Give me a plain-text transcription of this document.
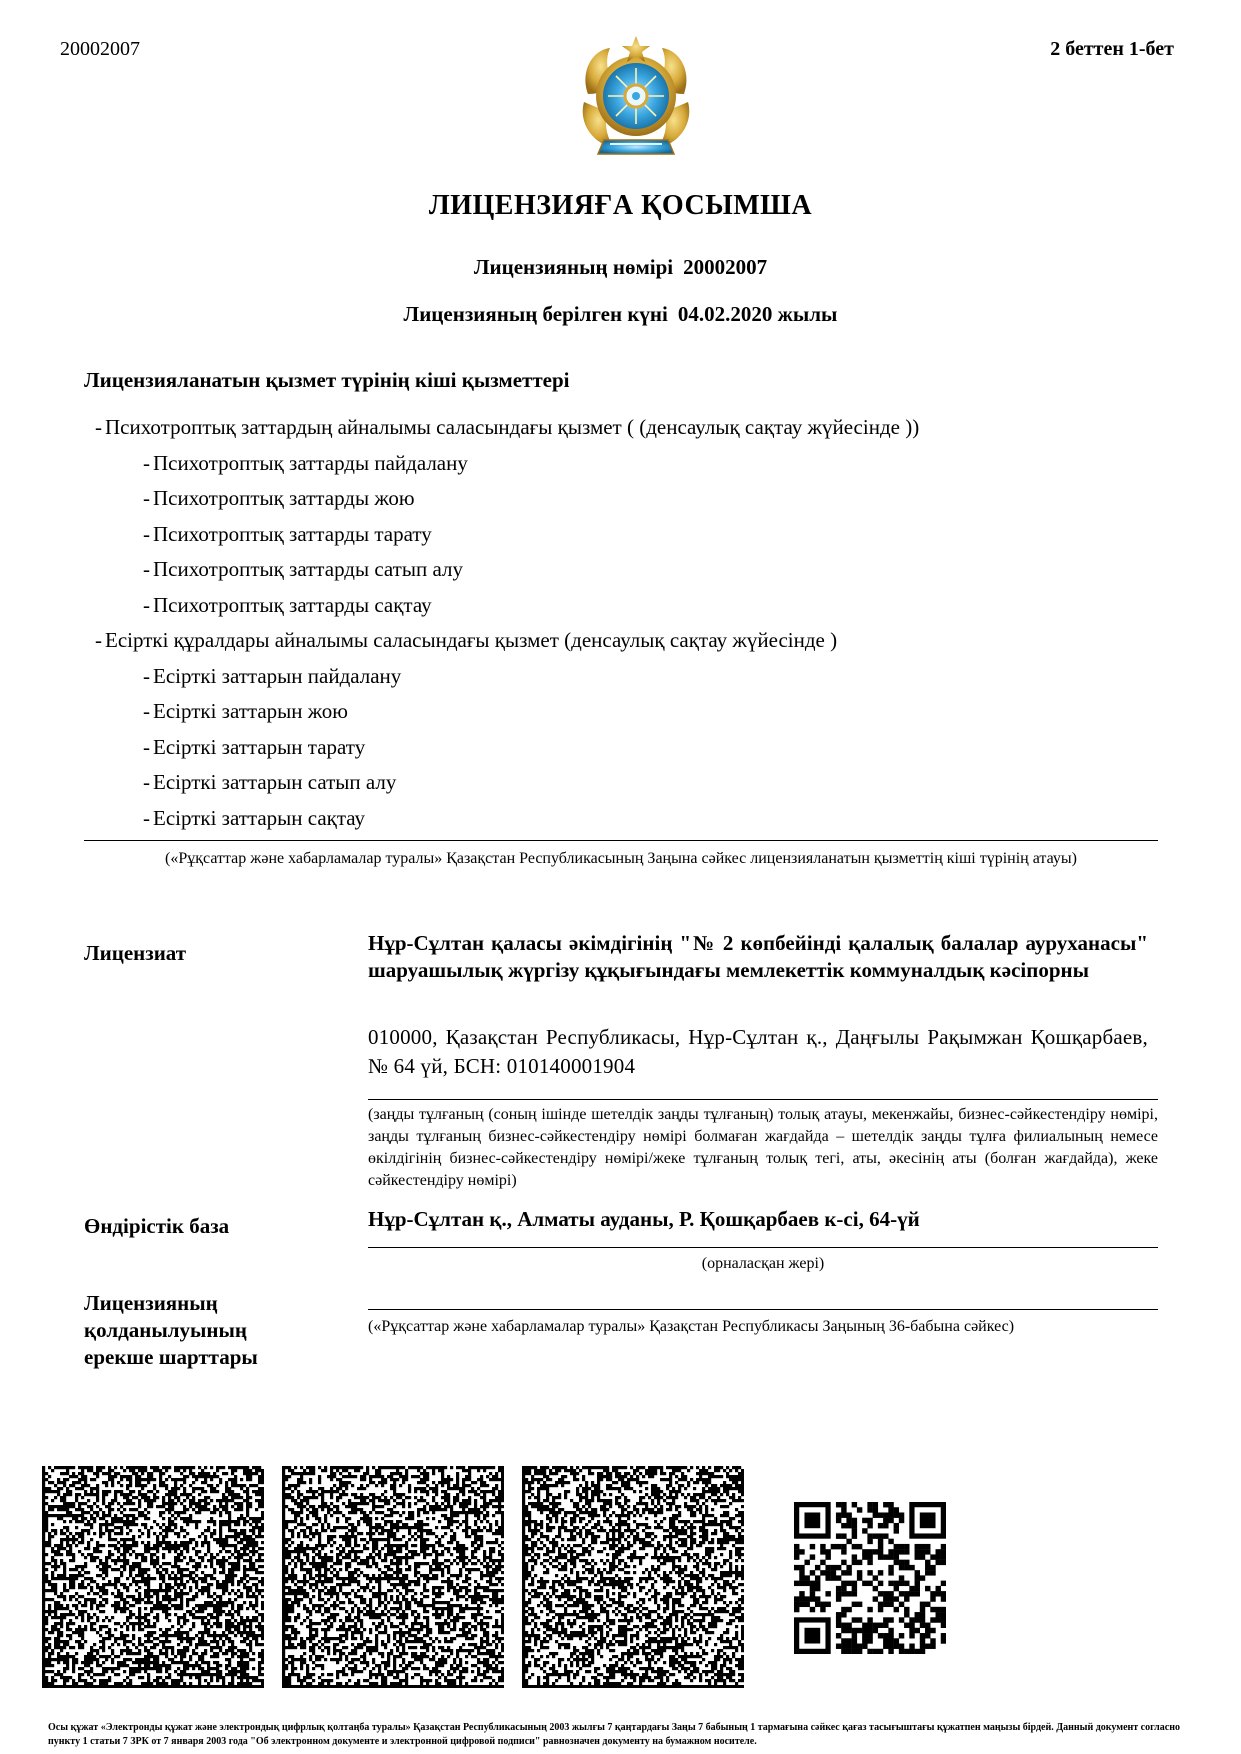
20002007	2 беттен 1-бет
ЛИЦЕНЗИЯҒА ҚОСЫМША
Лицензияның нөмірі 20002007
Лицензияның берілген күні 04.02.2020 жылы
Лицензияланатын қызмет түрінің кіші қызметтері
- Психотроптық заттардың айналымы саласындағы қызмет ( (денсаулық сақтау жүйесінде ))
- Психотроптық заттарды пайдалану
- Психотроптық заттарды жою
- Психотроптық заттарды тарату
- Психотроптық заттарды сатып алу
- Психотроптық заттарды сақтау
- Есірткі құралдары айналымы саласындағы қызмет (денсаулық сақтау жүйесінде )
- Есірткі заттарын пайдалану
- Есірткі заттарын жою
- Есірткі заттарын тарату
- Есірткі заттарын сатып алу
- Есірткі заттарын сақтау
(«Рұқсаттар және хабарламалар туралы» Қазақстан Республикасының Заңына сәйкес лицензияланатын қызметтің кіші түрінің атауы)
Лицензиат	Нұр-Сұлтан қаласы әкімдігінің "№ 2 көпбейінді қалалық балалар ауруханасы" шаруашылық жүргізу құқығындағы мемлекеттік коммуналдық кәсіпорны
010000, Қазақстан Республикасы, Нұр-Сұлтан қ., Даңғылы Рақымжан Қошқарбаев, № 64 үй, БСН: 010140001904
(заңды тұлғаның (соның ішінде шетелдік заңды тұлғаның) толық атауы, мекенжайы, бизнес-сәйкестендіру нөмірі, заңды тұлғаның бизнес-сәйкестендіру нөмірі болмаған жағдайда – шетелдік заңды тұлға филиалының немесе өкілдігінің бизнес-сәйкестендіру нөмірі/жеке тұлғаның толық тегі, аты, әкесінің аты (болған жағдайда), жеке сәйкестендіру нөмірі)
Өндірістік база	Нұр-Сұлтан қ., Алматы ауданы, Р. Қошқарбаев к-сі, 64-үй
(орналасқан жері)
Лицензияның
қолданылуының
ерекше шарттары
(«Рұқсаттар және хабарламалар туралы» Қазақстан Республикасы Заңының 36-бабына сәйкес)
Осы құжат «Электронды құжат және электрондық цифрлық қолтаңба туралы» Қазақстан Республикасының 2003 жылғы 7 қаңтардағы Заңы 7 бабының 1 тармағына сәйкес қағаз тасығыштағы құжатпен маңызы бірдей. Данный документ согласно пункту 1 статьи 7 ЗРК от 7 января 2003 года "Об электронном документе и электронной цифровой подписи" равнозначен документу на бумажном носителе.
